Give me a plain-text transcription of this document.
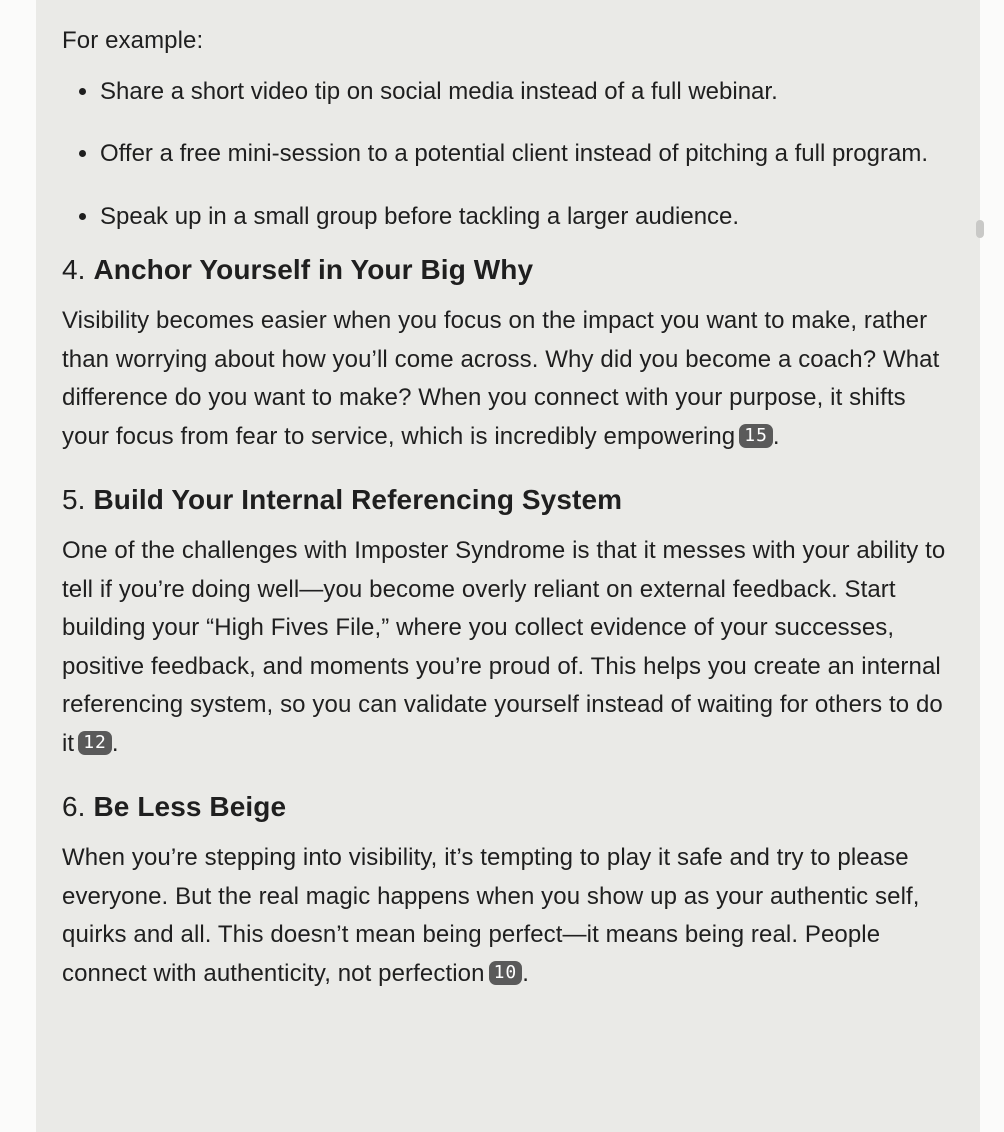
For example:

• Share a short video tip on social media instead of a full webinar.
• Offer a free mini-session to a potential client instead of pitching a full program.
• Speak up in a small group before tackling a larger audience.
4. Anchor Yourself in Your Big Why

Visibility becomes easier when you focus on the impact you want to make, rather than worrying about how you’ll come across. Why did you become a coach? What difference do you want to make? When you connect with your purpose, it shifts your focus from fear to service, which is incredibly empowering 15 .

5. Build Your Internal Referencing System

One of the challenges with Imposter Syndrome is that it messes with your ability to tell if you’re doing well—you become overly reliant on external feedback. Start building your “High Fives File,” where you collect evidence of your successes, positive feedback, and moments you’re proud of. This helps you create an internal referencing system, so you can validate yourself instead of waiting for others to do it 12 .

6. Be Less Beige

When you’re stepping into visibility, it’s tempting to play it safe and try to please everyone. But the real magic happens when you show up as your authentic self, quirks and all. This doesn’t mean being perfect—it means being real. People connect with authenticity, not perfection 10 .
